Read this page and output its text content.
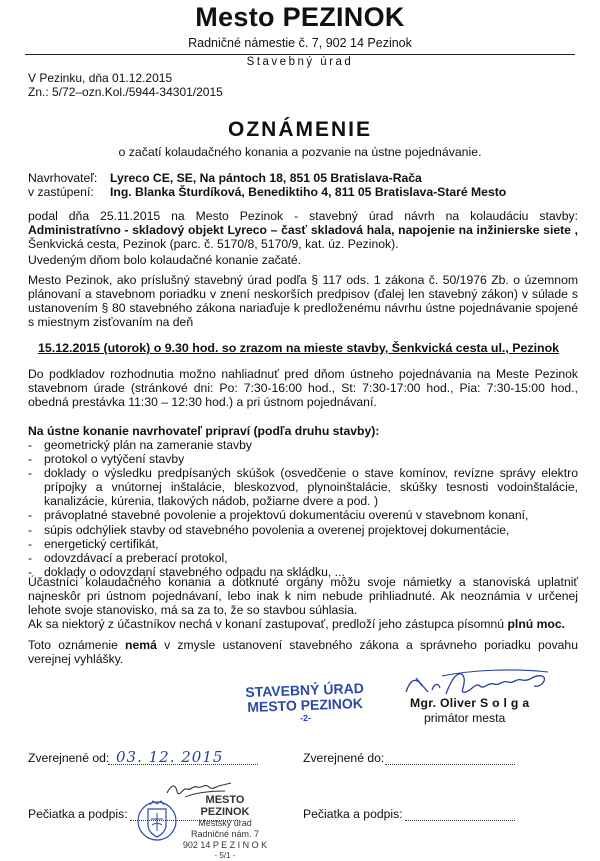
Mesto PEZINOK
Radničné námestie č. 7, 902 14 Pezinok
Stavebný úrad
V Pezinku, dňa 01.12.2015
Zn.: 5/72–ozn.Kol./5944-34301/2015
OZNÁMENIE
o začatí kolaudačného konania a pozvanie na ústne pojednávanie.
Navrhovateľ: Lyreco CE, SE, Na pántoch 18, 851 05 Bratislava-Rača
v zastúpení: Ing. Blanka Šturdíková, Benediktiho 4, 811 05 Bratislava-Staré Mesto
podal dňa 25.11.2015 na Mesto Pezinok - stavebný úrad návrh na kolaudáciu stavby: Administratívno - skladový objekt Lyreco – časť skladová hala, napojenie na inžinierske siete , Šenkvická cesta, Pezinok (parc. č. 5170/8, 5170/9, kat. úz. Pezinok).
Uvedeným dňom bolo kolaudačné konanie začaté.
Mesto Pezinok, ako príslušný stavebný úrad podľa § 117 ods. 1 zákona č. 50/1976 Zb. o územnom plánovaní a stavebnom poriadku v znení neskorších predpisov (ďalej len stavebný zákon) v súlade s ustanovením § 80 stavebného zákona nariaďuje k predloženému návrhu ústne pojednávanie spojené s miestnym zisťovaním na deň
15.12.2015 (utorok) o 9.30 hod. so zrazom na mieste stavby, Šenkvická cesta ul., Pezinok
Do podkladov rozhodnutia možno nahliadnuť pred dňom ústneho pojednávania na Meste Pezinok stavebnom úrade (stránkové dni: Po: 7:30-16:00 hod., St: 7:30-17:00 hod., Pia: 7:30-15:00 hod., obedná prestávka 11:30 – 12:30 hod.) a pri ústnom pojednávaní.
Na ústne konanie navrhovateľ pripraví (podľa druhu stavby):
- geometrický plán na zameranie stavby
- protokol o vytýčení stavby
- doklady o výsledku predpísaných skúšok (osvedčenie o stave komínov, revízne správy elektro prípojky a vnútornej inštalácie, bleskozvod, plynoinštalácie, skúšky tesnosti vodoinštalácie, kanalizácie, kúrenia, tlakových nádob, požiarne dvere a pod. )
- právoplatné stavebné povolenie a projektovú dokumentáciu overenú v stavebnom konaní,
- súpis odchýliek stavby od stavebného povolenia a overenej projektovej dokumentácie,
- energetický certifikát,
- odovzdávací a preberací protokol,
- doklady o odovzdaní stavebného odpadu na skládku, ...
Účastníci kolaudačného konania a dotknuté orgány môžu svoje námietky a stanoviská uplatniť najneskôr pri ústnom pojednávaní, lebo inak k nim nebude prihliadnuté. Ak neoznámia v určenej lehote svoje stanovisko, má sa za to, že so stavbou súhlasia.
Ak sa niektorý z účastníkov nechá v konaní zastupovať, predloží jeho zástupca písomnú plnú moc.
Toto oznámenie nemá v zmysle ustanovení stavebného zákona a správneho poriadku povahu verejnej vyhlášky.
STAVEBNÝ ÚRAD
MESTO PEZINOK
-2-
Mgr. Oliver S o l g a
primátor mesta
Zverejnené od: 03. 12. 2015	Zverejnené do:
Pečiatka a podpis:	Pečiatka a podpis:
MESTO PEZINOK
Mestský úrad
Radničné nám. 7
902 14 P E Z I N O K
- 5/1 -
